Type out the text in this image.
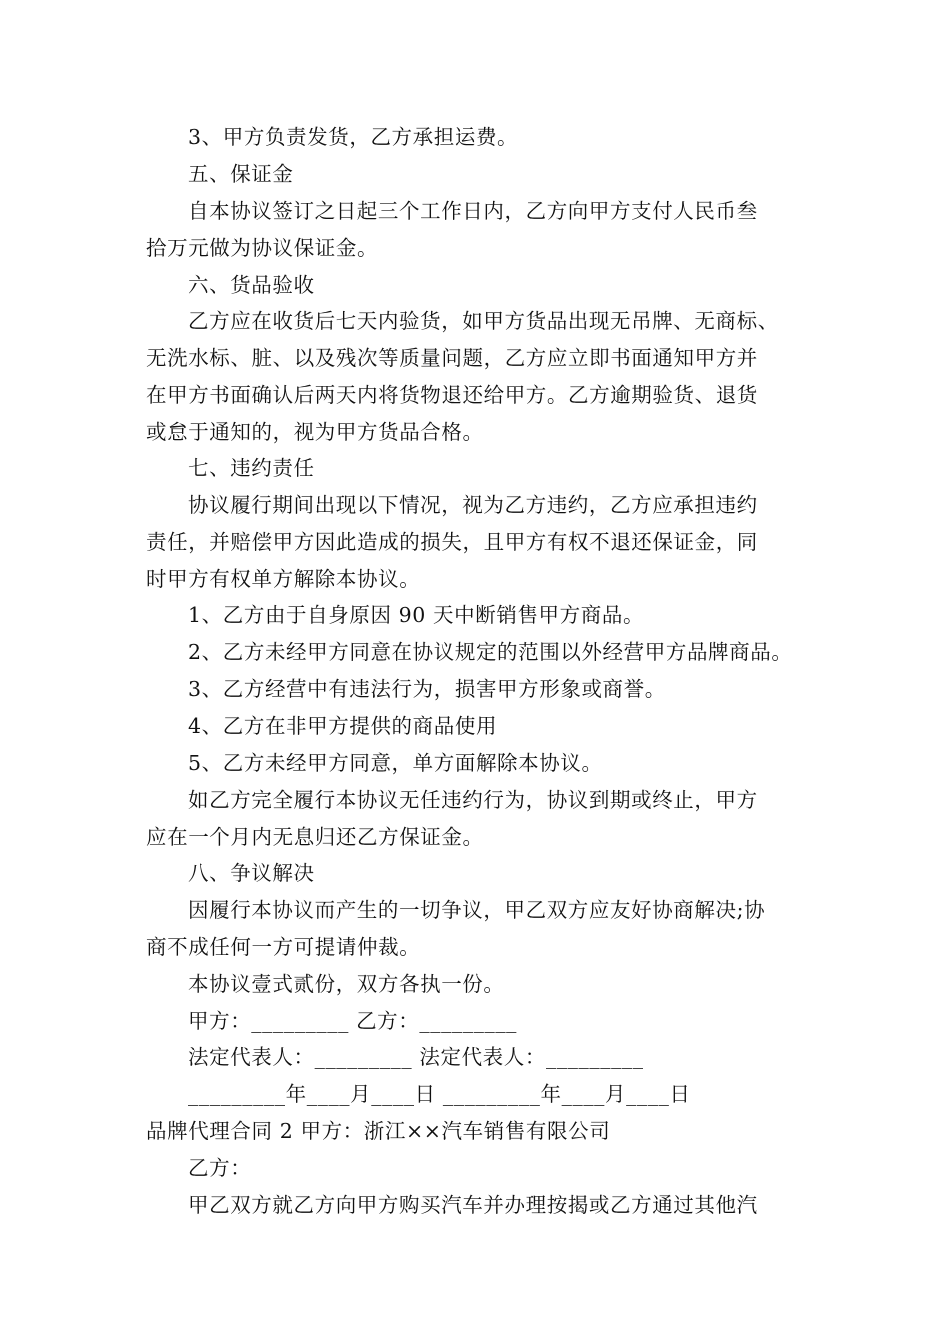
3、甲方负责发货，乙方承担运费。
五、保证金
自本协议签订之日起三个工作日内，乙方向甲方支付人民币叁
拾万元做为协议保证金。
六、货品验收
乙方应在收货后七天内验货，如甲方货品出现无吊牌、无商标、
无洗水标、脏、以及残次等质量问题，乙方应立即书面通知甲方并
在甲方书面确认后两天内将货物退还给甲方。乙方逾期验货、退货
或怠于通知的，视为甲方货品合格。
七、违约责任
协议履行期间出现以下情况，视为乙方违约，乙方应承担违约
责任，并赔偿甲方因此造成的损失，且甲方有权不退还保证金，同
时甲方有权单方解除本协议。
1、乙方由于自身原因 90 天中断销售甲方商品。
2、乙方未经甲方同意在协议规定的范围以外经营甲方品牌商品。
3、乙方经营中有违法行为，损害甲方形象或商誉。
4、乙方在非甲方提供的商品使用
5、乙方未经甲方同意，单方面解除本协议。
如乙方完全履行本协议无任违约行为，协议到期或终止，甲方
应在一个月内无息归还乙方保证金。
八、争议解决
因履行本协议而产生的一切争议，甲乙双方应友好协商解决;协
商不成任何一方可提请仲裁。
本协议壹式贰份，双方各执一份。
甲方：_________ 乙方：_________
法定代表人：_________ 法定代表人：_________
_________年____月____日 _________年____月____日
品牌代理合同 2 甲方：浙江××汽车销售有限公司
乙方：
甲乙双方就乙方向甲方购买汽车并办理按揭或乙方通过其他汽
